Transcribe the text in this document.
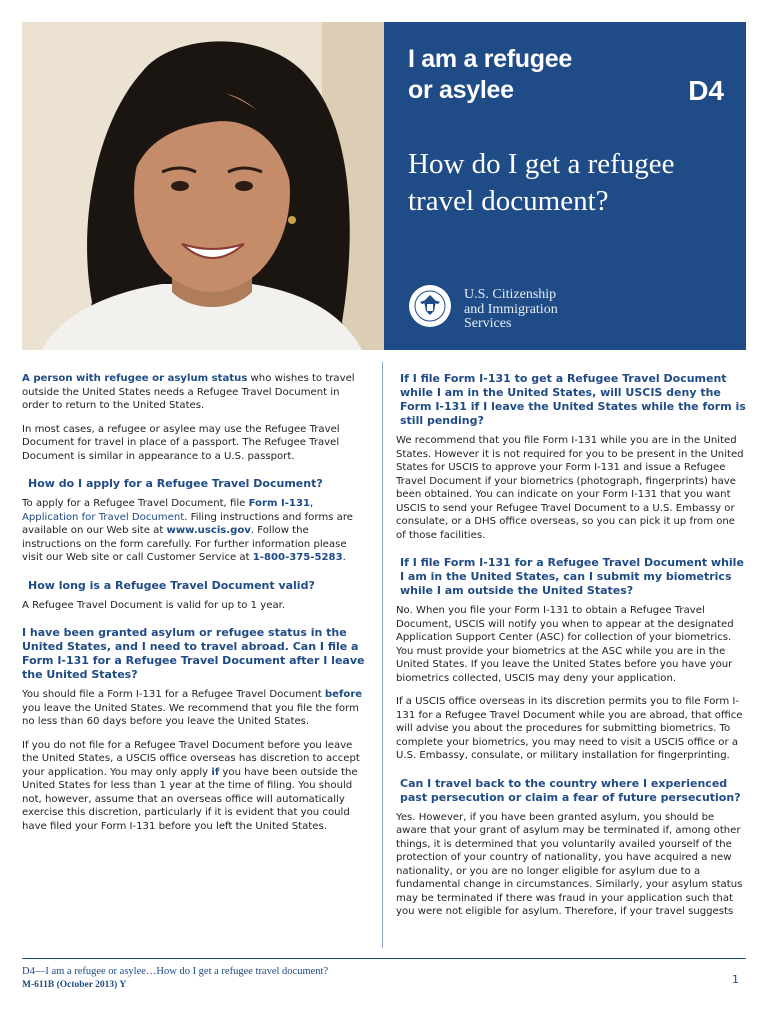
I am a refugee
or asylee	D4
How do I get a refugee travel document?
U.S. Citizenship
and Immigration
Services

A person with refugee or asylum status who wishes to travel outside the United States needs a Refugee Travel Document in order to return to the United States.

In most cases, a refugee or asylee may use the Refugee Travel Document for travel in place of a passport. The Refugee Travel Document is similar in appearance to a U.S. passport.

How do I apply for a Refugee Travel Document?

To apply for a Refugee Travel Document, file Form I-131, Application for Travel Document. Filing instructions and forms are available on our Web site at www.uscis.gov. Follow the instructions on the form carefully. For further information please visit our Web site or call Customer Service at 1-800-375-5283.

How long is a Refugee Travel Document valid?

A Refugee Travel Document is valid for up to 1 year.

I have been granted asylum or refugee status in the United States, and I need to travel abroad. Can I file a Form I-131 for a Refugee Travel Document after I leave the United States?

You should file a Form I-131 for a Refugee Travel Document before you leave the United States. We recommend that you file the form no less than 60 days before you leave the United States.

If you do not file for a Refugee Travel Document before you leave the United States, a USCIS office overseas has discretion to accept your application. You may only apply if you have been outside the United States for less than 1 year at the time of filing. You should not, however, assume that an overseas office will automatically exercise this discretion, particularly if it is evident that you could have filed your Form I-131 before you left the United States.

If I file Form I-131 to get a Refugee Travel Document while I am in the United States, will USCIS deny the Form I-131 if I leave the United States while the form is still pending?

We recommend that you file Form I-131 while you are in the United States. However it is not required for you to be present in the United States for USCIS to approve your Form I-131 and issue a Refugee Travel Document if your biometrics (photograph, fingerprints) have been obtained. You can indicate on your Form I-131 that you want USCIS to send your Refugee Travel Document to a U.S. Embassy or consulate, or a DHS office overseas, so you can pick it up from one of those facilities.

If I file Form I-131 for a Refugee Travel Document while I am in the United States, can I submit my biometrics while I am outside the United States?

No. When you file your Form I-131 to obtain a Refugee Travel Document, USCIS will notify you when to appear at the designated Application Support Center (ASC) for collection of your biometrics. You must provide your biometrics at the ASC while you are in the United States. If you leave the United States before you have your biometrics collected, USCIS may deny your application.

If a USCIS office overseas in its discretion permits you to file Form I-131 for a Refugee Travel Document while you are abroad, that office will advise you about the procedures for submitting biometrics. To complete your biometrics, you may need to visit a USCIS office or a U.S. Embassy, consulate, or military installation for fingerprinting.

Can I travel back to the country where I experienced past persecution or claim a fear of future persecution?

Yes. However, if you have been granted asylum, you should be aware that your grant of asylum may be terminated if, among other things, it is determined that you voluntarily availed yourself of the protection of your country of nationality, you have acquired a new nationality, or you are no longer eligible for asylum due to a fundamental change in circumstances. Similarly, your asylum status may be terminated if there was fraud in your application such that you were not eligible for asylum. Therefore, if your travel suggests

D4—I am a refugee or asylee…How do I get a refugee travel document?
M-611B (October 2013) Y	1
